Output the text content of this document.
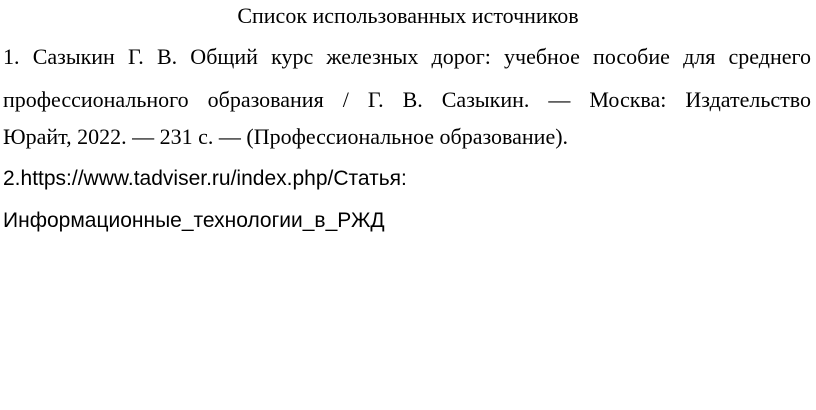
Список использованных источников
1. Сазыкин Г. В. Общий курс железных дорог: учебное пособие для среднего
профессионального образования / Г. В. Сазыкин. — Москва: Издательство
Юрайт, 2022. — 231 с. — (Профессиональное образование).
2.https://www.tadviser.ru/index.php/Статья:
Информационные_технологии_в_РЖД
